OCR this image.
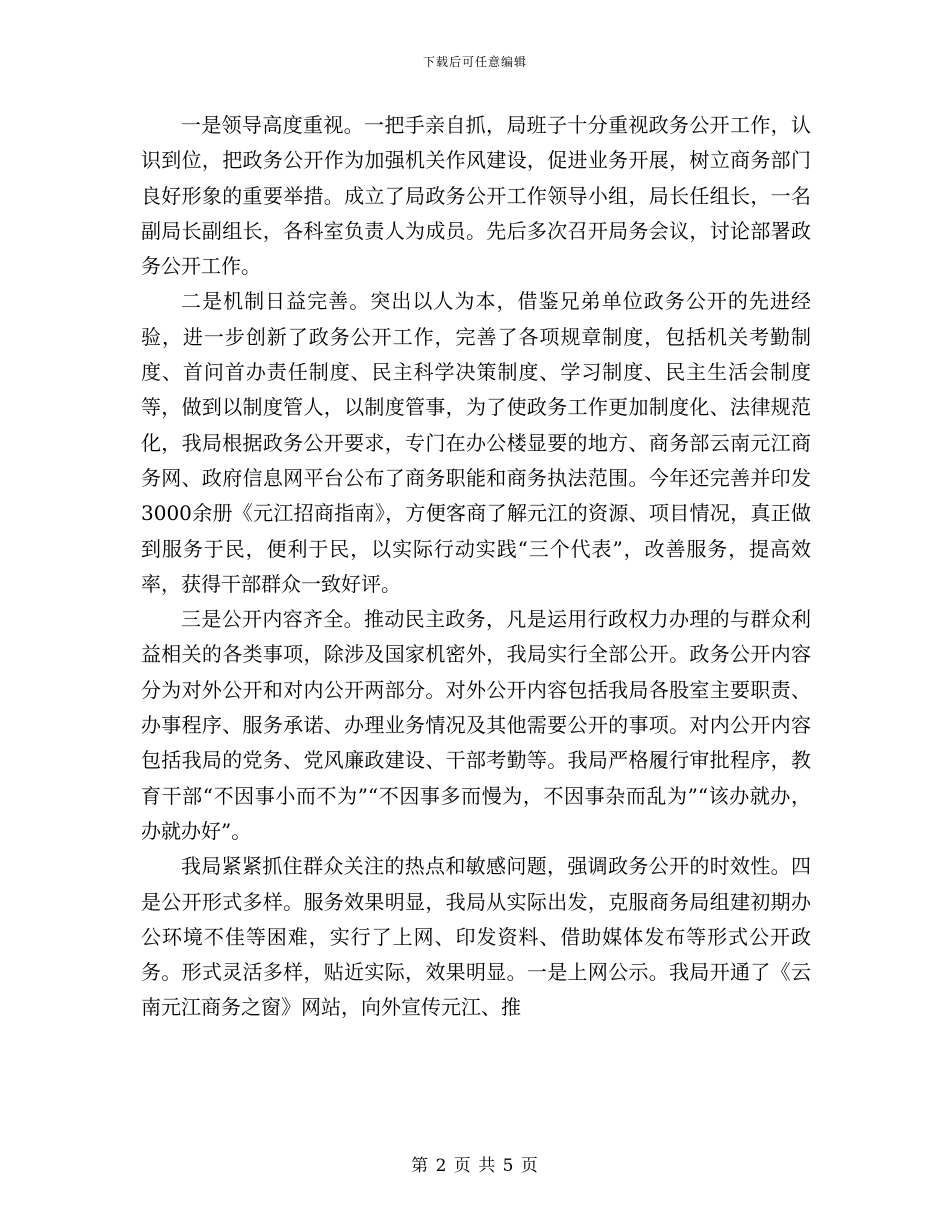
下载后可任意编辑

一是领导高度重视。一把手亲自抓，局班子十分重视政务公开工作，认识到位，把政务公开作为加强机关作风建设，促进业务开展，树立商务部门良好形象的重要举措。成立了局政务公开工作领导小组，局长任组长，一名副局长副组长，各科室负责人为成员。先后多次召开局务会议，讨论部署政务公开工作。

二是机制日益完善。突出以人为本，借鉴兄弟单位政务公开的先进经验，进一步创新了政务公开工作，完善了各项规章制度，包括机关考勤制度、首问首办责任制度、民主科学决策制度、学习制度、民主生活会制度等，做到以制度管人，以制度管事，为了使政务工作更加制度化、法律规范化，我局根据政务公开要求，专门在办公楼显要的地方、商务部云南元江商务网、政府信息网平台公布了商务职能和商务执法范围。今年还完善并印发3000余册《元江招商指南》，方便客商了解元江的资源、项目情况，真正做到服务于民，便利于民，以实际行动实践“三个代表”，改善服务，提高效率，获得干部群众一致好评。

三是公开内容齐全。推动民主政务，凡是运用行政权力办理的与群众利益相关的各类事项，除涉及国家机密外，我局实行全部公开。政务公开内容分为对外公开和对内公开两部分。对外公开内容包括我局各股室主要职责、办事程序、服务承诺、办理业务情况及其他需要公开的事项。对内公开内容包括我局的党务、党风廉政建设、干部考勤等。我局严格履行审批程序，教育干部“不因事小而不为”“不因事多而慢为，不因事杂而乱为”“该办就办，办就办好”。

我局紧紧抓住群众关注的热点和敏感问题，强调政务公开的时效性。四是公开形式多样。服务效果明显，我局从实际出发，克服商务局组建初期办公环境不佳等困难，实行了上网、印发资料、借助媒体发布等形式公开政务。形式灵活多样，贴近实际，效果明显。一是上网公示。我局开通了《云南元江商务之窗》网站，向外宣传元江、推

第 2 页 共 5 页
